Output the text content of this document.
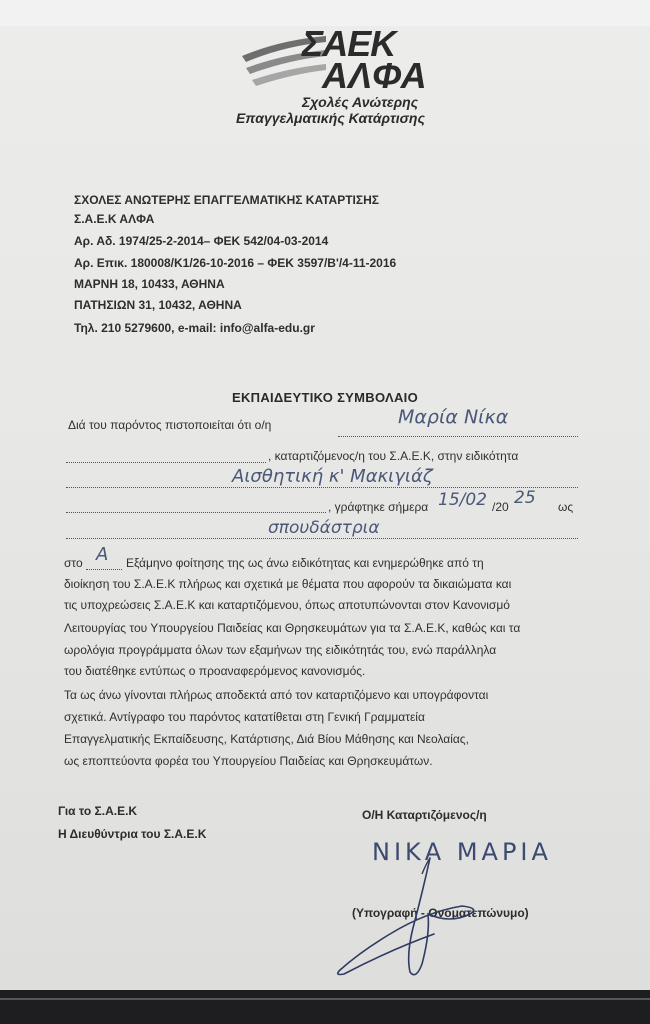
ΣΑΕΚ
ΑΛΦΑ
Σχολές Ανώτερης
Επαγγελματικής Κατάρτισης
ΣΧΟΛΕΣ ΑΝΩΤΕΡΗΣ ΕΠΑΓΓΕΛΜΑΤΙΚΗΣ ΚΑΤΑΡΤΙΣΗΣ
Σ.Α.Ε.Κ ΑΛΦΑ
Αρ. Αδ. 1974/25-2-2014– ΦΕΚ 542/04-03-2014
Αρ. Επικ. 180008/Κ1/26-10-2016 – ΦΕΚ 3597/Β'/4-11-2016
ΜΑΡΝΗ 18, 10433, ΑΘΗΝΑ
ΠΑΤΗΣΙΩΝ 31, 10432, ΑΘΗΝΑ
Τηλ. 210 5279600, e-mail: info@alfa-edu.gr
ΕΚΠΑΙΔΕΥΤΙΚΟ ΣΥΜΒΟΛΑΙΟ
Διά του παρόντος πιστοποιείται ότι ο/η	Μαρία Νίκα
, καταρτιζόμενος/η του Σ.Α.Ε.Κ, στην ειδικότητα
Αισθητική κ' Μακιγιάζ
, γράφτηκε σήμερα 15/02 /20 25 ως
σπουδάστρια
στο Α Εξάμηνο φοίτησης της ως άνω ειδικότητας και ενημερώθηκε από τη
διοίκηση του Σ.Α.Ε.Κ πλήρως και σχετικά με θέματα που αφορούν τα δικαιώματα και
τις υποχρεώσεις Σ.Α.Ε.Κ και καταρτιζόμενου, όπως αποτυπώνονται στον Κανονισμό
Λειτουργίας του Υπουργείου Παιδείας και Θρησκευμάτων για τα Σ.Α.Ε.Κ, καθώς και τα
ωρολόγια προγράμματα όλων των εξαμήνων της ειδικότητάς του, ενώ παράλληλα
του διατέθηκε εντύπως ο προαναφερόμενος κανονισμός.
Τα ως άνω γίνονται πλήρως αποδεκτά από τον καταρτιζόμενο και υπογράφονται
σχετικά. Αντίγραφο του παρόντος κατατίθεται στη Γενική Γραμματεία
Επαγγελματικής Εκπαίδευσης, Κατάρτισης, Διά Βίου Μάθησης και Νεολαίας,
ως εποπτεύοντα φορέα του Υπουργείου Παιδείας και Θρησκευμάτων.
Για το Σ.Α.Ε.Κ
Η Διευθύντρια του Σ.Α.Ε.Κ
Ο/Η Καταρτιζόμενος/η
ΝΙΚΑ ΜΑΡΙΑ
(Υπογραφή - Ονοματεπώνυμο)
